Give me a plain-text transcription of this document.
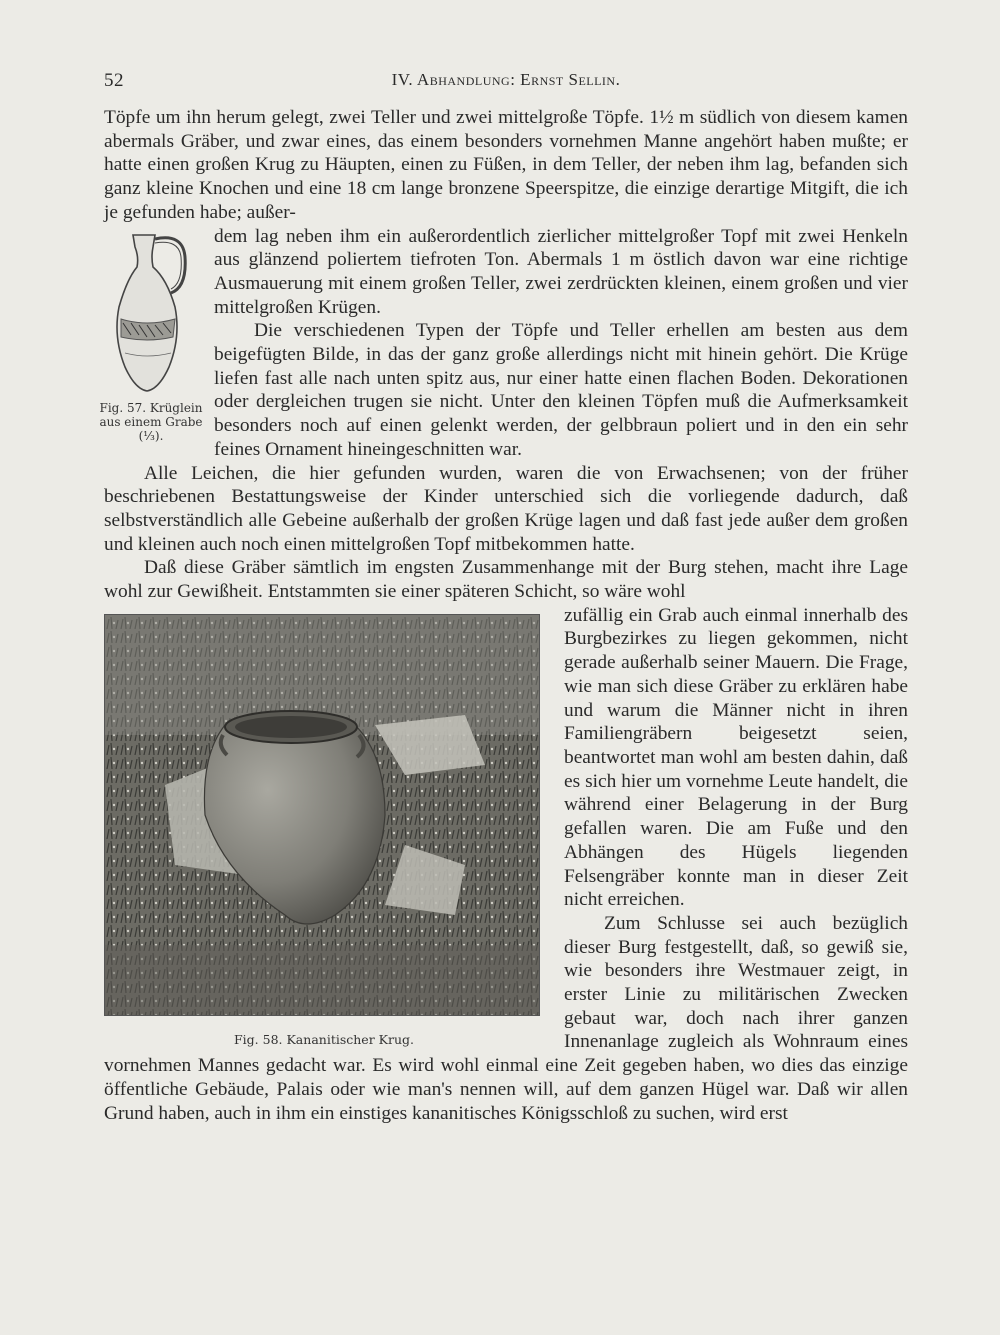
52	IV. Abhandlung: Ernst Sellin.

Töpfe um ihn herum gelegt, zwei Teller und zwei mittelgroße Töpfe. 1½ m südlich von diesem kamen abermals Gräber, und zwar eines, das einem besonders vornehmen Manne angehört haben mußte; er hatte einen großen Krug zu Häupten, einen zu Füßen, in dem Teller, der neben ihm lag, befanden sich ganz kleine Knochen und eine 18 cm lange bronzene Speerspitze, die einzige derartige Mitgift, die ich je gefunden habe; außer-

Fig. 57. Krüglein aus einem Grabe (⅓).

dem lag neben ihm ein außerordentlich zierlicher mittelgroßer Topf mit zwei Henkeln aus glänzend poliertem tiefroten Ton. Abermals 1 m östlich davon war eine richtige Ausmauerung mit einem großen Teller, zwei zerdrückten kleinen, einem großen und vier mittelgroßen Krügen.

Die verschiedenen Typen der Töpfe und Teller erhellen am besten aus dem beigefügten Bilde, in das der ganz große allerdings nicht mit hinein gehört. Die Krüge liefen fast alle nach unten spitz aus, nur einer hatte einen flachen Boden. Dekorationen oder dergleichen trugen sie nicht. Unter den kleinen Töpfen muß die Aufmerksamkeit besonders noch auf einen gelenkt werden, der gelbbraun poliert und in den ein sehr feines Ornament hineingeschnitten war.

Alle Leichen, die hier gefunden wurden, waren die von Erwachsenen; von der früher beschriebenen Bestattungsweise der Kinder unterschied sich die vorliegende dadurch, daß selbstverständlich alle Gebeine außerhalb der großen Krüge lagen und daß fast jede außer dem großen und kleinen auch noch einen mittelgroßen Topf mitbekommen hatte.

Daß diese Gräber sämtlich im engsten Zusammenhange mit der Burg stehen, macht ihre Lage wohl zur Gewißheit. Entstammten sie einer späteren Schicht, so wäre wohl

Fig. 58. Kananitischer Krug.

zufällig ein Grab auch einmal innerhalb des Burgbezirkes zu liegen gekommen, nicht gerade außerhalb seiner Mauern. Die Frage, wie man sich diese Gräber zu erklären habe und warum die Männer nicht in ihren Familiengräbern beigesetzt seien, beantwortet man wohl am besten dahin, daß es sich hier um vornehme Leute handelt, die während einer Belagerung in der Burg gefallen waren. Die am Fuße und den Abhängen des Hügels liegenden Felsengräber konnte man in dieser Zeit nicht erreichen.

Zum Schlusse sei auch bezüglich dieser Burg festgestellt, daß, so gewiß sie, wie besonders ihre Westmauer zeigt, in erster Linie zu militärischen Zwecken gebaut war, doch nach ihrer ganzen Innenanlage zugleich als Wohnraum eines vornehmen Mannes gedacht war. Es wird wohl einmal eine Zeit gegeben haben, wo dies das einzige öffentliche Gebäude, Palais oder wie man's nennen will, auf dem ganzen Hügel war. Daß wir allen Grund haben, auch in ihm ein einstiges kananitisches Königsschloß zu suchen, wird erst
